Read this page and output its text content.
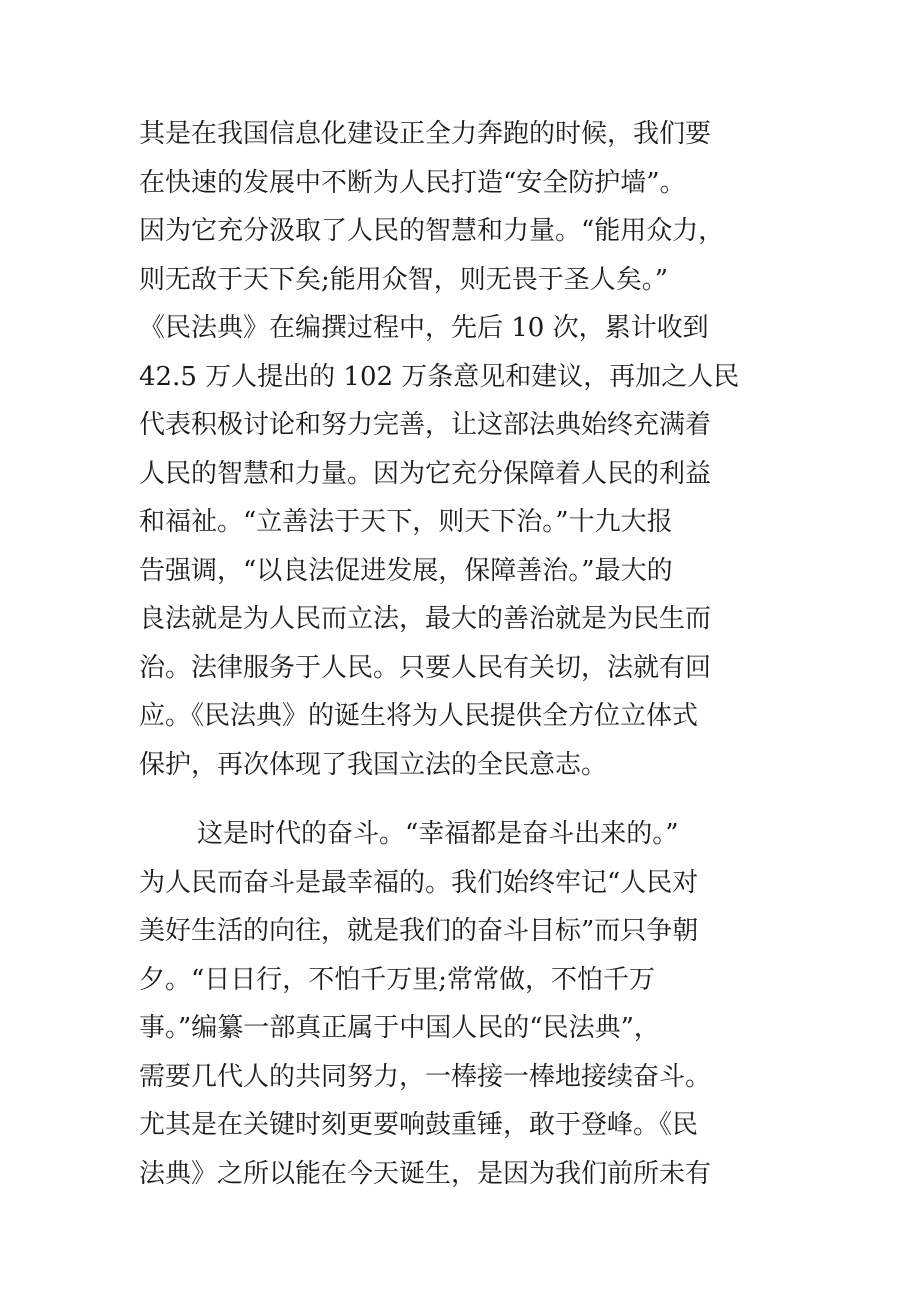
其是在我国信息化建设正全力奔跑的时候，我们要
在快速的发展中不断为人民打造“安全防护墙”。
因为它充分汲取了人民的智慧和力量。“能用众力，
则无敌于天下矣;能用众智，则无畏于圣人矣。”
《民法典》在编撰过程中，先后 10 次，累计收到
42.5 万人提出的 102 万条意见和建议，再加之人民
代表积极讨论和努力完善，让这部法典始终充满着
人民的智慧和力量。因为它充分保障着人民的利益
和福祉。“立善法于天下，则天下治。”十九大报
告强调，“以良法促进发展，保障善治。”最大的
良法就是为人民而立法，最大的善治就是为民生而
治。法律服务于人民。只要人民有关切，法就有回
应。《民法典》的诞生将为人民提供全方位立体式
保护，再次体现了我国立法的全民意志。
这是时代的奋斗。“幸福都是奋斗出来的。”
为人民而奋斗是最幸福的。我们始终牢记“人民对
美好生活的向往，就是我们的奋斗目标”而只争朝
夕。“日日行，不怕千万里;常常做，不怕千万
事。”编纂一部真正属于中国人民的“民法典”，
需要几代人的共同努力，一棒接一棒地接续奋斗。
尤其是在关键时刻更要响鼓重锤，敢于登峰。《民
法典》之所以能在今天诞生，是因为我们前所未有
